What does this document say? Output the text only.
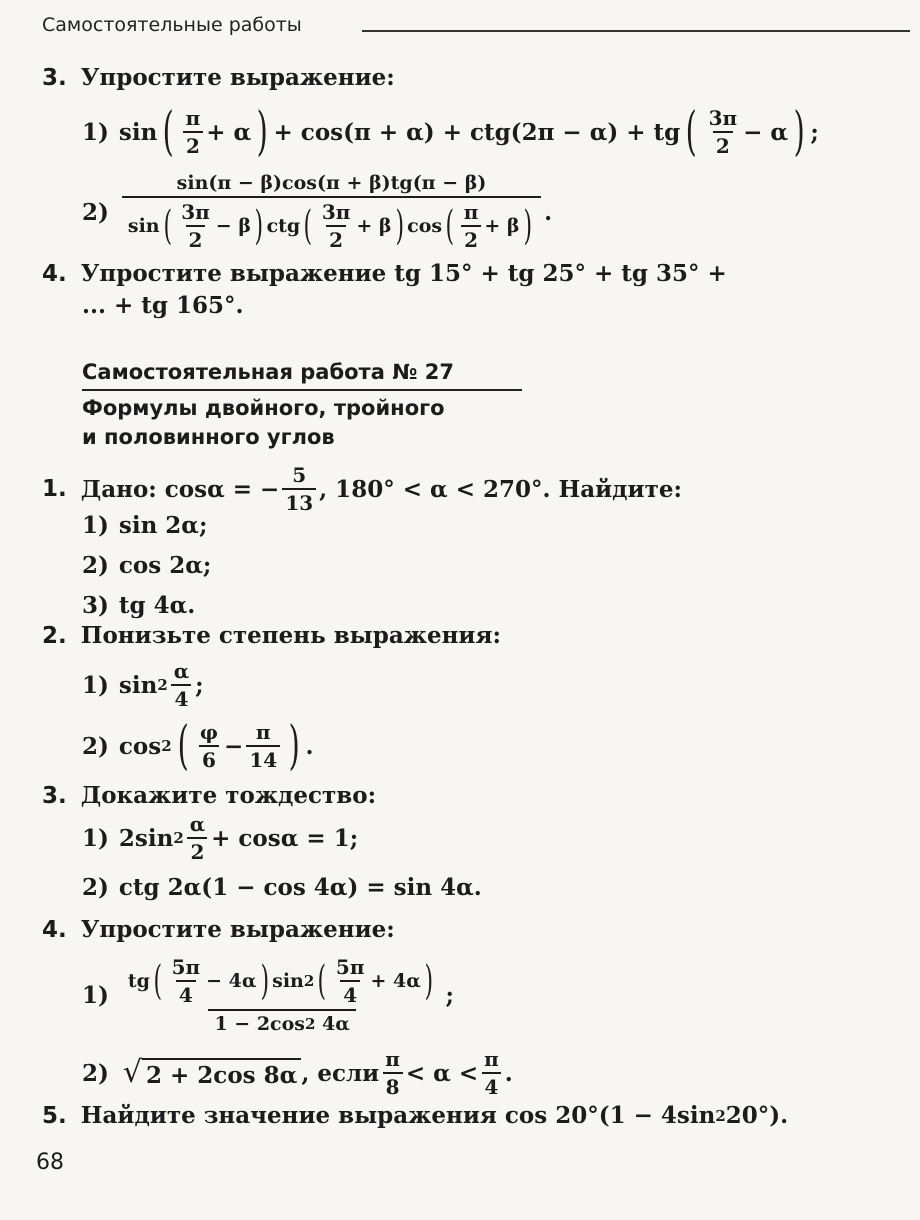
Самостоятельные работы
3. Упростите выражение:
1) sin ( $\frac{\pi}{2} + \alpha$ ) + cos(π + α) + ctg(2π − α) + tg ( $\frac{3\pi}{2} - \alpha$ ) ;
2)
sin(π − β)cos(π + β)tg(π − β)
sin ( $\frac{3\pi}{2} - \beta$ ) ctg ( $\frac{3\pi}{2} + \beta$ ) cos ( $\frac{\pi}{2} + \beta$ ) .
4. Упростите выражение tg 15° + tg 25° + tg 35° +
... + tg 165°.
Самостоятельная работа № 27
Формулы двойного, тройного
и половинного углов
1. Дано: cosα = − $\frac{5}{13}$ , 180° < α < 270°. Найдите:
1) sin 2α;
2) cos 2α;
3) tg 4α.
2. Понизьте степень выражения:
1) $\sin 2 \frac{\alpha}{4}$ ;
2) cos 2 ( $\frac{\varphi}{6} - \frac{\pi}{14}$ ) .
3. Докажите тождество:
1) 2sin $2 \frac{\alpha}{2} + \cos\alpha = 1$;
2) ctg 2α(1 − cos 4α) = sin 4α.
4. Упростите выражение:
1)
tg ( $\frac{5\pi}{4} - 4\alpha$ ) sin 2 ( $\frac{5\pi}{4} + 4\alpha$ )
1 − 2cos 2
4α
;
2) √ 2 + 2cos 8α , если $\frac{\pi}{8} < \alpha < \frac{\pi}{4}$ .
5. Найдите значение выражения cos 20°(1 − 4sin 2 20°).
68
